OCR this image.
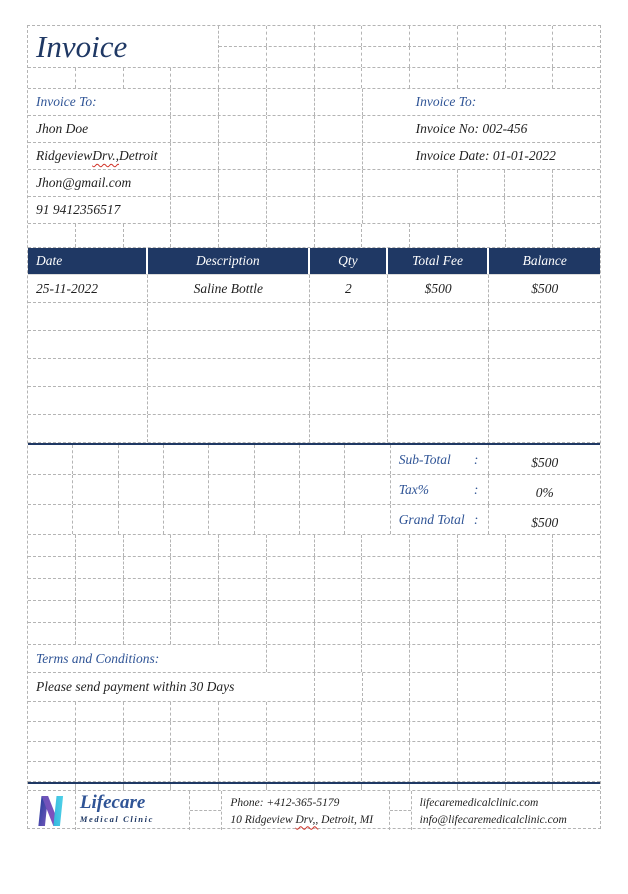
Invoice
Invoice To:	Invoice To:
Jhon Doe	Invoice No: 002-456
Ridgeview Drv., Detroit	Invoice Date: 01-01-2022
Jhon@gmail.com
91 9412356517
Date	Description	Qty	Total Fee	Balance
25-11-2022	Saline Bottle	2	$500	$500
Sub-Total :	$500
Tax%	:	0%
Grand Total :	$500
Terms and Conditions:
Please send payment within 30 Days
Lifecare
Medical Clinic
Phone: +412-365-5179
10 Ridgeview Drv,, Detroit, MI
lifecaremedicalclinic.com
info@lifecaremedicalclinic.com
